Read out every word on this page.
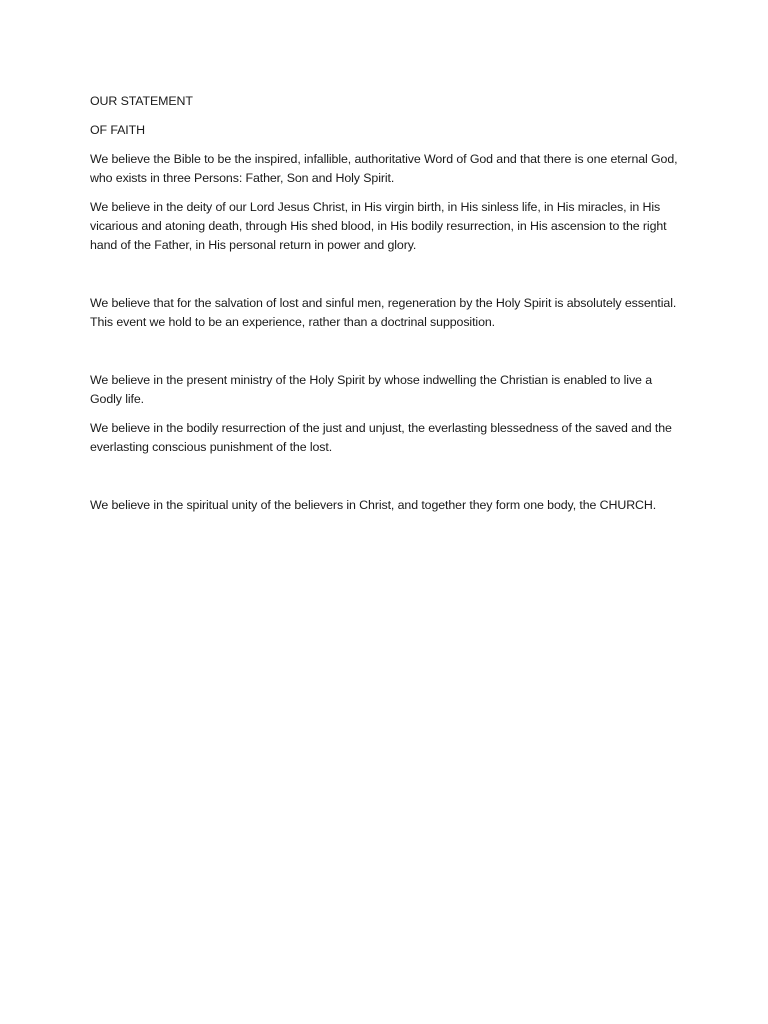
OUR STATEMENT

OF FAITH

We believe the Bible to be the inspired, infallible, authoritative Word of God and that there is one eternal God, who exists in three Persons: Father, Son and Holy Spirit.

We believe in the deity of our Lord Jesus Christ, in His virgin birth, in His sinless life, in His miracles, in His vicarious and atoning death, through His shed blood, in His bodily resurrection, in His ascension to the right hand of the Father, in His personal return in power and glory.

We believe that for the salvation of lost and sinful men, regeneration by the Holy Spirit is absolutely essential. This event we hold to be an experience, rather than a doctrinal supposition.

We believe in the present ministry of the Holy Spirit by whose indwelling the Christian is enabled to live a Godly life.

We believe in the bodily resurrection of the just and unjust, the everlasting blessedness of the saved and the everlasting conscious punishment of the lost.

We believe in the spiritual unity of the believers in Christ, and together they form one body, the CHURCH.
